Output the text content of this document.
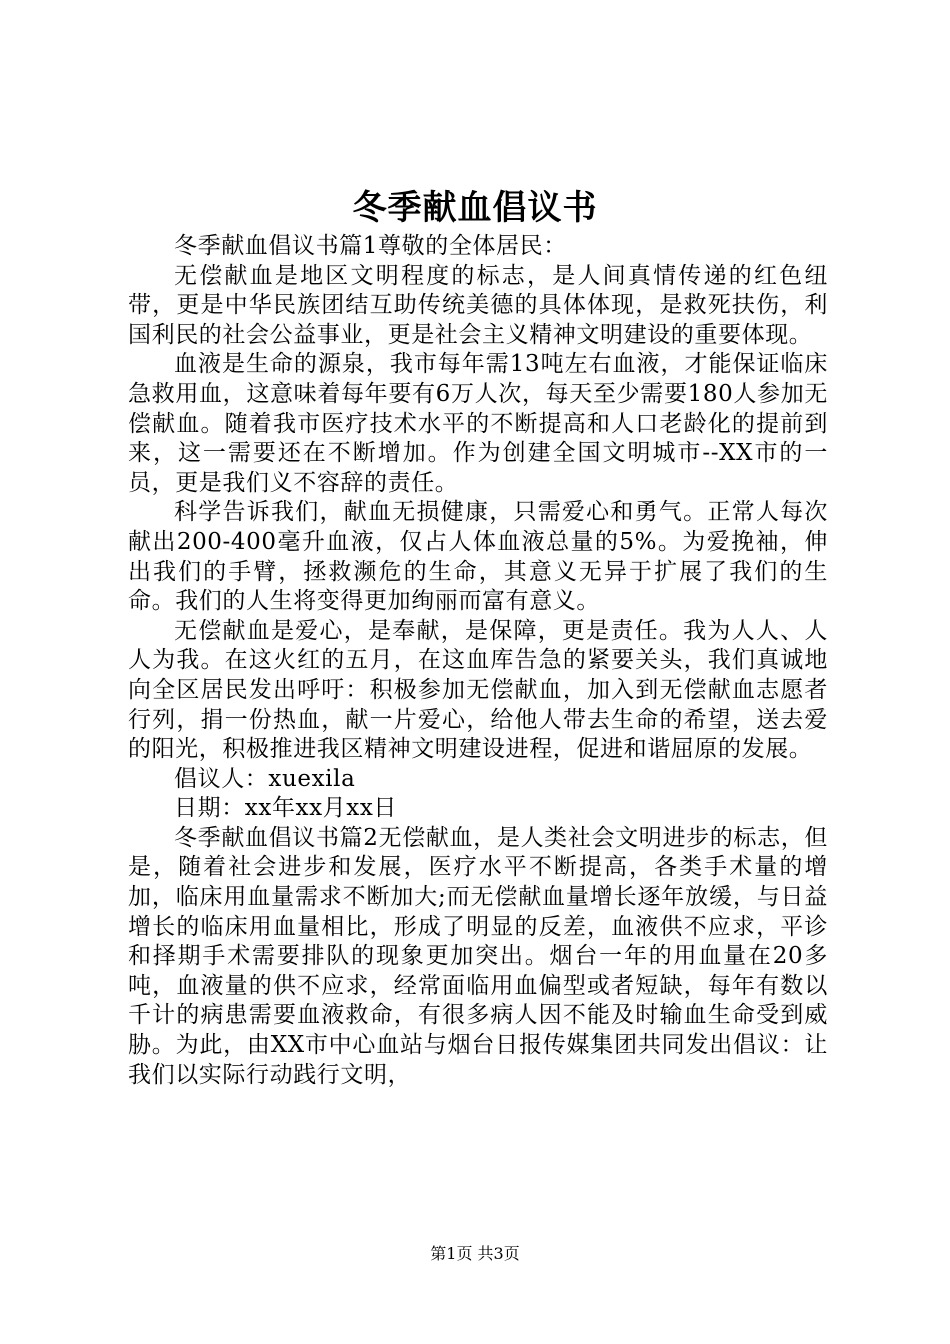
冬季献血倡议书

冬季献血倡议书篇1尊敬的全体居民：

无偿献血是地区文明程度的标志，是人间真情传递的红色纽带，更是中华民族团结互助传统美德的具体体现，是救死扶伤，利国利民的社会公益事业，更是社会主义精神文明建设的重要体现。

血液是生命的源泉，我市每年需13吨左右血液，才能保证临床急救用血，这意味着每年要有6万人次，每天至少需要180人参加无偿献血。随着我市医疗技术水平的不断提高和人口老龄化的提前到来，这一需要还在不断增加。作为创建全国文明城市--XX市的一员，更是我们义不容辞的责任。

科学告诉我们，献血无损健康，只需爱心和勇气。正常人每次献出200-400毫升血液，仅占人体血液总量的5%。为爱挽袖，伸出我们的手臂，拯救濒危的生命，其意义无异于扩展了我们的生命。我们的人生将变得更加绚丽而富有意义。

无偿献血是爱心，是奉献，是保障，更是责任。我为人人、人人为我。在这火红的五月，在这血库告急的紧要关头，我们真诚地向全区居民发出呼吁：积极参加无偿献血，加入到无偿献血志愿者行列，捐一份热血，献一片爱心，给他人带去生命的希望，送去爱的阳光，积极推进我区精神文明建设进程，促进和谐屈原的发展。

倡议人：xuexila

日期：xx年xx月xx日

冬季献血倡议书篇2无偿献血，是人类社会文明进步的标志，但是，随着社会进步和发展，医疗水平不断提高，各类手术量的增加，临床用血量需求不断加大;而无偿献血量增长逐年放缓，与日益增长的临床用血量相比，形成了明显的反差，血液供不应求，平诊和择期手术需要排队的现象更加突出。烟台一年的用血量在20多吨，血液量的供不应求，经常面临用血偏型或者短缺，每年有数以千计的病患需要血液救命，有很多病人因不能及时输血生命受到威胁。为此，由XX市中心血站与烟台日报传媒集团共同发出倡议：让我们以实际行动践行文明，

第1页 共3页
